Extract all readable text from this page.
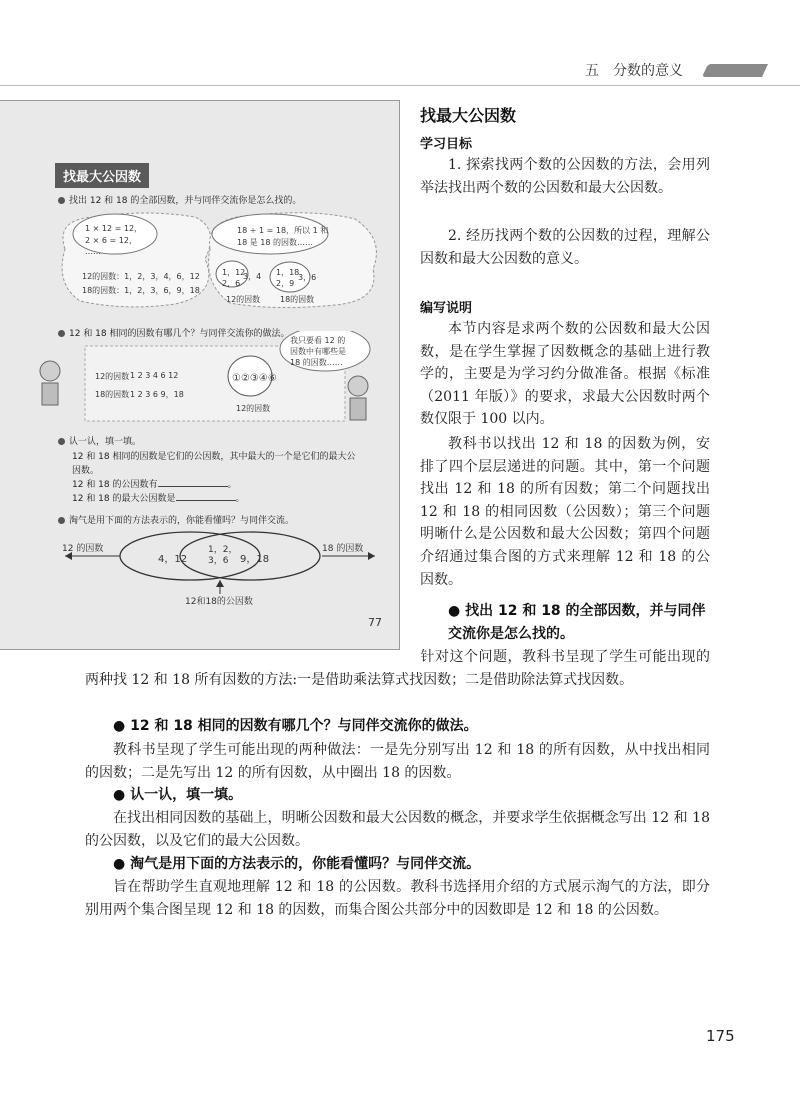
五　分数的意义
找最大公因数
找出 12 和 18 的全部因数，并与同伴交流你是怎么找的。
1 × 12 = 12，
2 × 6 = 12，
……
18 ÷ 1 = 18，所以 1 和
18 是 18 的因数……
12的因数：1，2，3，4，6，12
18的因数：1，2，3，6，9，18
1，12
2，6
3，4
12的因数
1，18
2，9
3，6
18的因数
12 和 18 相同的因数有哪几个？与同伴交流你的做法。
我只要看 12 的
因数中有哪些是
18 的因数……
12的因数 1 2 3 4 6 12
18的因数 1 2 3 6 9，18
①②③④⑥
12的因数
认一认，填一填。
12 和 18 相同的因数是它们的公因数，其中最大的一个是它们的最大公
因数。
12 和 18 的公因数有	。
12 和 18 的最大公因数是	。
淘气是用下面的方法表示的，你能看懂吗？与同伴交流。
12 的因数	18 的因数
4，12
1，2，
3，6 9，18
12和18的公因数
77
找最大公因数
学习目标
1. 探索找两个数的公因数的方法，会用列举法找出两个数的公因数和最大公因数。
2. 经历找两个数的公因数的过程，理解公因数和最大公因数的意义。
编写说明
本节内容是求两个数的公因数和最大公因数，是在学生掌握了因数概念的基础上进行教学的，主要是为学习约分做准备。根据《标准（2011 年版）》的要求，求最大公因数时两个数仅限于 100 以内。
教科书以找出 12 和 18 的因数为例，安排了四个层层递进的问题。其中，第一个问题找出 12 和 18 的所有因数；第二个问题找出 12 和 18 的相同因数（公因数）；第三个问题明晰什么是公因数和最大公因数；第四个问题介绍通过集合图的方式来理解 12 和 18 的公因数。
● 找出 12 和 18 的全部因数，并与同伴交流你是怎么找的。
针对这个问题，教科书呈现了学生可能出现的两种找 12 和 18 所有因数的方法:一是借助乘法算式找因数；二是借助除法算式找因数。
● 12 和 18 相同的因数有哪几个？与同伴交流你的做法。
教科书呈现了学生可能出现的两种做法：一是先分别写出 12 和 18 的所有因数，从中找出相同的因数；二是先写出 12 的所有因数，从中圈出 18 的因数。
● 认一认，填一填。
在找出相同因数的基础上，明晰公因数和最大公因数的概念，并要求学生依据概念写出 12 和 18 的公因数，以及它们的最大公因数。
● 淘气是用下面的方法表示的，你能看懂吗？与同伴交流。
旨在帮助学生直观地理解 12 和 18 的公因数。教科书选择用介绍的方式展示淘气的方法，即分别用两个集合图呈现 12 和 18 的因数，而集合图公共部分中的因数即是 12 和 18 的公因数。
175
